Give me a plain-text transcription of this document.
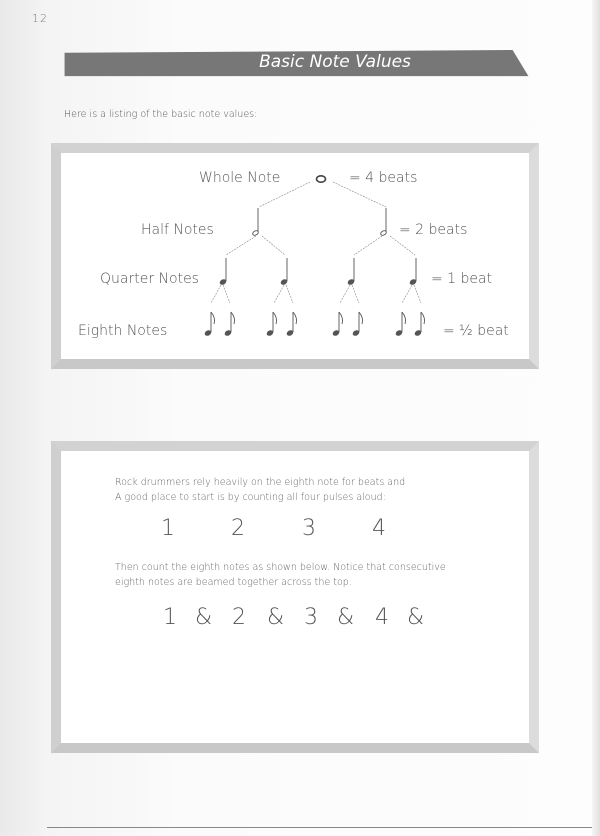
12
Basic Note Values
Here is a listing of the basic note values:
Whole Note	= 4 beats
Half Notes	= 2 beats
Quarter Notes	= 1 beat
Eighth Notes	= ½ beat
Rock drummers rely heavily on the eighth note for beats and
A good place to start is by counting all four pulses aloud:
1	2	3	4
Then count the eighth notes as shown below. Notice that consecutive
eighth notes are beamed together across the top.
1 & 2 & 3 & 4 &
